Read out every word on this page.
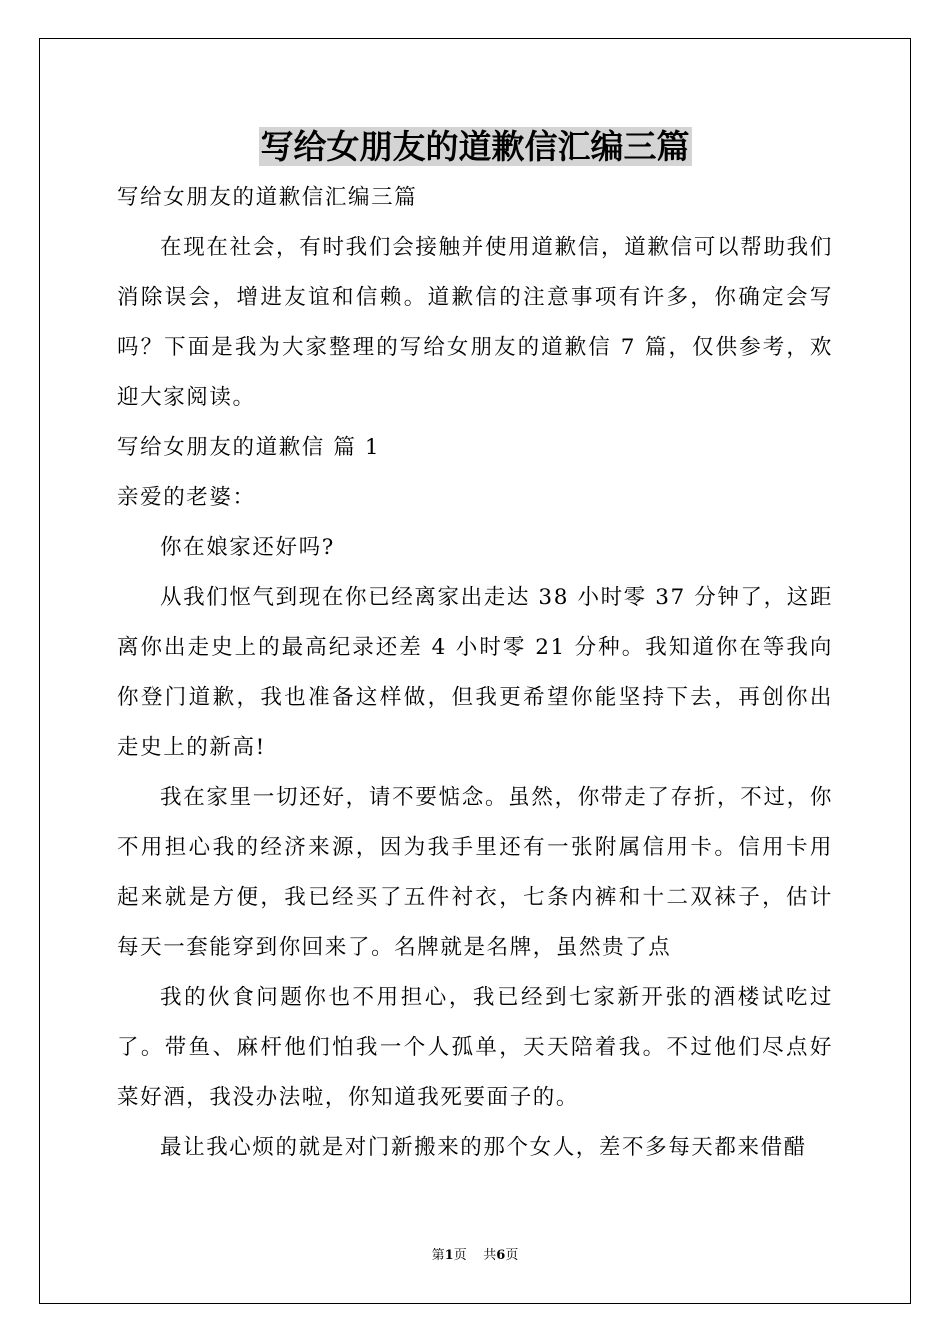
写给女朋友的道歉信汇编三篇

写给女朋友的道歉信汇编三篇

在现在社会，有时我们会接触并使用道歉信，道歉信可以帮助我们消除误会，增进友谊和信赖。道歉信的注意事项有许多，你确定会写吗？下面是我为大家整理的写给女朋友的道歉信 7 篇，仅供参考，欢迎大家阅读。

写给女朋友的道歉信 篇 1

亲爱的老婆：

你在娘家还好吗?

从我们怄气到现在你已经离家出走达 38 小时零 37 分钟了，这距离你出走史上的最高纪录还差 4 小时零 21 分种。我知道你在等我向你登门道歉，我也准备这样做，但我更希望你能坚持下去，再创你出走史上的新高!

我在家里一切还好，请不要惦念。虽然，你带走了存折，不过，你不用担心我的经济来源，因为我手里还有一张附属信用卡。信用卡用起来就是方便，我已经买了五件衬衣，七条内裤和十二双袜子，估计每天一套能穿到你回来了。名牌就是名牌，虽然贵了点

我的伙食问题你也不用担心，我已经到七家新开张的酒楼试吃过了。带鱼、麻杆他们怕我一个人孤单，天天陪着我。不过他们尽点好菜好酒，我没办法啦，你知道我死要面子的。

最让我心烦的就是对门新搬来的那个女人，差不多每天都来借醋

第1页 共6页
